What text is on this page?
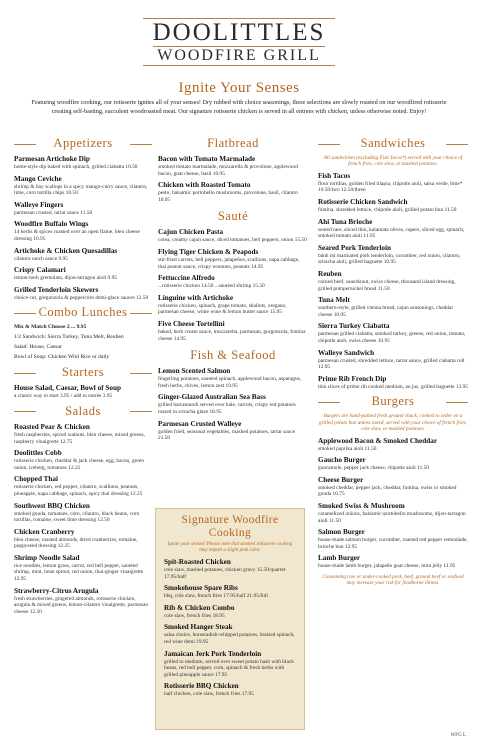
DOOLITTLES
WOODFIRE GRILL
Ignite Your Senses
Featuring woodfire cooking, our rotisserie ignites all of your senses! Dry rubbed with choice seasonings, these selections are slowly roasted on our woodfired rotisserie creating self-basting, succulent woodroasted meat. Our signature rotisserie chicken is served in all entrees with chicken, unless otherwise noted. Enjoy!
Appetizers
Parmesan Artichoke Dip
home-style dip baked with spinach, grilled ciabatta 10.50
Mango Ceviche
shrimp & bay scallops in a spicy mango-curry sauce, cilantro, lime, corn tortilla chips 10.50
Walleye Fingers
parmesan crusted, tartar sauce 11.50
Woodfire Buffalo Wings
14 herbs & spices roasted over an open flame, bleu cheese dressing 10.95
Artichoke & Chicken Quesadillas
cilantro ranch sauce 9.95
Crispy Calamari
lemon-herb gremolata, dijon-tarragon aioli 9.95
Grilled Tenderloin Skewers
choice cut, gorgonzola & peppercorn demi-glace sauces 12.50
Combo Lunches
Mix & Match Choose 2 ... 9.95
1/2 Sandwich: Sierra Turkey, Tuna Melt, Reuben
Salad: House, Caesar
Bowl of Soup: Chicken Wild Rice or daily
Starters
House Salad, Caesar, Bowl of Soup
a classic way to start 3.95 / add to entrée 3.95
Salads
Roasted Pear & Chicken
fresh raspberries, spiced walnuts, bleu cheese, mixed greens, raspberry vinaigrette 12.75
Doolittles Cobb
rotisserie chicken, cheddar & jack cheese, egg, bacon, green onion, iceberg, tomatoes 12.25
Chopped Thai
rotisserie chicken, red pepper, cilantro, scallions, peanuts, pineapple, napa cabbage, spinach, spicy thai dressing 12.25
Southwest BBQ Chicken
smoked gouda, tomatoes, corn, cilantro, black beans, corn tortillas, romaine, sweet lime dressing 12.50
Chicken Cranberry
bleu cheese, roasted almonds, dried cranberries, romaine, poppyseed dressing 12.25
Shrimp Noodle Salad
rice noodles, lemon grass, carrot, red bell pepper, sautéed shrimp, mint, bean sprout, red onion, thai-ginger vinaigrette 12.95
Strawberry-Citrus Arugula
fresh strawberries, gingered almonds, rotisserie chicken, arugula & mixed greens, lemon-cilantro vinaigrette, parmesan cheese 12.50
Flatbread
Bacon with Tomato Marmalade
smoked tomato marmalade, mozzarella & provolone, applewood bacon, goat cheese, basil 10.95
Chicken with Roasted Tomato
pesto, balsamic portobello mushrooms, provolone, basil, cilantro 10.95
Sauté
Cajun Chicken Pasta
cotea, creamy cajun sauce, diced tomatoes, bell peppers, onion 15.50
Flying Tiger Chicken & Peapods
stir-fried carrots, bell peppers, jalapeños, scallions, napa cabbage, thai peanut sauce, crispy wontons, peanuts 14.95
Fettuccine Alfredo
...rotisserie chicken 14.50 ...sautéed shrimp 15.50
Linguine with Artichoke
rotisserie chicken, spinach, grape tomato, shallots, oregano, parmesan cheese, white wine & lemon butter sauce 15.95
Five Cheese Tortellini
baked, herb cream sauce, mozzarella, parmesan, gorgonzola, fontina cheese 14.95
Fish & Seafood
Lemon Scented Salmon
fingerling potatoes, sautéed spinach, applewood bacon, asparagus, fresh herbs, chives, lemon zest 19.95
Ginger-Glazed Australian Sea Bass
grilled barramundi served over kale, carrots, crispy red potatoes tossed in sriracha glaze 18.95
Parmesan Crusted Walleye
golden fried, seasonal vegetables, mashed potatoes, tartar sauce 21.50
Signature Woodfire Cooking
Ignite your senses! Please note that smoked rotisserie cooking may impart a slight pink color.
Spit-Roasted Chicken
cole slaw, mashed potatoes, chicken gravy 15.50/quarter 17.95/half
Smokehouse Spare Ribs
bbq, cole slaw, french fries 17.95/half 21.95/full
Rib & Chicken Combo
cole slaw, french fries 18.95
Smoked Hanger Steak
salsa choice, horseradish-whipped potatoes, braised spinach, red wine demi 19.95
Jamaican Jerk Pork Tenderloin
grilled to medium, served over sweet potato hash with black beans, red bell pepper, corn, spinach & fresh herbs with grilled pineapple sauce 17.95
Rotisserie BBQ Chicken
half chicken, cole slaw, french fries 17.95
Sandwiches
All sandwiches (excluding Fish Tacos*) served with your choice of french fries, cole slaw, or mashed potatoes.
Fish Tacos
flour tortillas, golden fried tilapia, chipotle aioli, salsa verde, lime* 10.50/two 12.50/three
Rotisserie Chicken Sandwich
fontina, shredded lettuce, chipotle aioli, grilled potato bun 11.50
Ahi Tuna Brioche
seared rare, sliced thin, kalamata olives, capers, sliced egg, spinach, smoked tomato aioli 11.95
Seared Pork Tenderloin
bánh mì marinated pork tenderloin, cucumber, red onion, cilantro, sriracha aioli, grilled baguette 10.95
Reuben
corned beef, sauerkraut, swiss cheese, thousand island dressing, grilled pumpernickel bread 11.50
Tuna Melt
southern-style, grilled vienna bread, cajun seasonings, cheddar cheese 10.95
Sierra Turkey Ciabatta
parmesan grilled ciabatta, smoked turkey, greens, red onion, tomato, chipotle aioli, swiss cheese 10.95
Walleye Sandwich
parmesan crusted, shredded lettuce, tartar sauce, grilled ciabatta roll 12.95
Prime Rib French Dip
thin slices of prime rib cooked medium, au jus, grilled baguette 13.95
Burgers
Burgers are hand-pattied fresh ground chuck, cooked to order on a grilled potato bun unless noted, served with your choice of french fries, cole slaw, or mashed potatoes.
Applewood Bacon & Smoked Cheddar
smoked paprika aioli 11.50
Gaucho Burger
guacamole, pepper jack cheese, chipotle aioli 11.50
Cheese Burger
smoked cheddar, pepper jack, cheddar, fontina, swiss or smoked gouda 10.75
Smoked Swiss & Mushroom
caramelized onions, balsamic-portobello mushrooms, dijon-tarragon aioli 11.50
Salmon Burger
house-made salmon burger, cucumber, roasted red pepper remoulade, brioche bun 12.95
Lamb Burger
house-made lamb burger, jalapeño goat cheese, mint jelly 11.95
Consuming raw or under-cooked pork, beef, ground beef or seafood may increase your risk for foodborne illness.
WFG L
